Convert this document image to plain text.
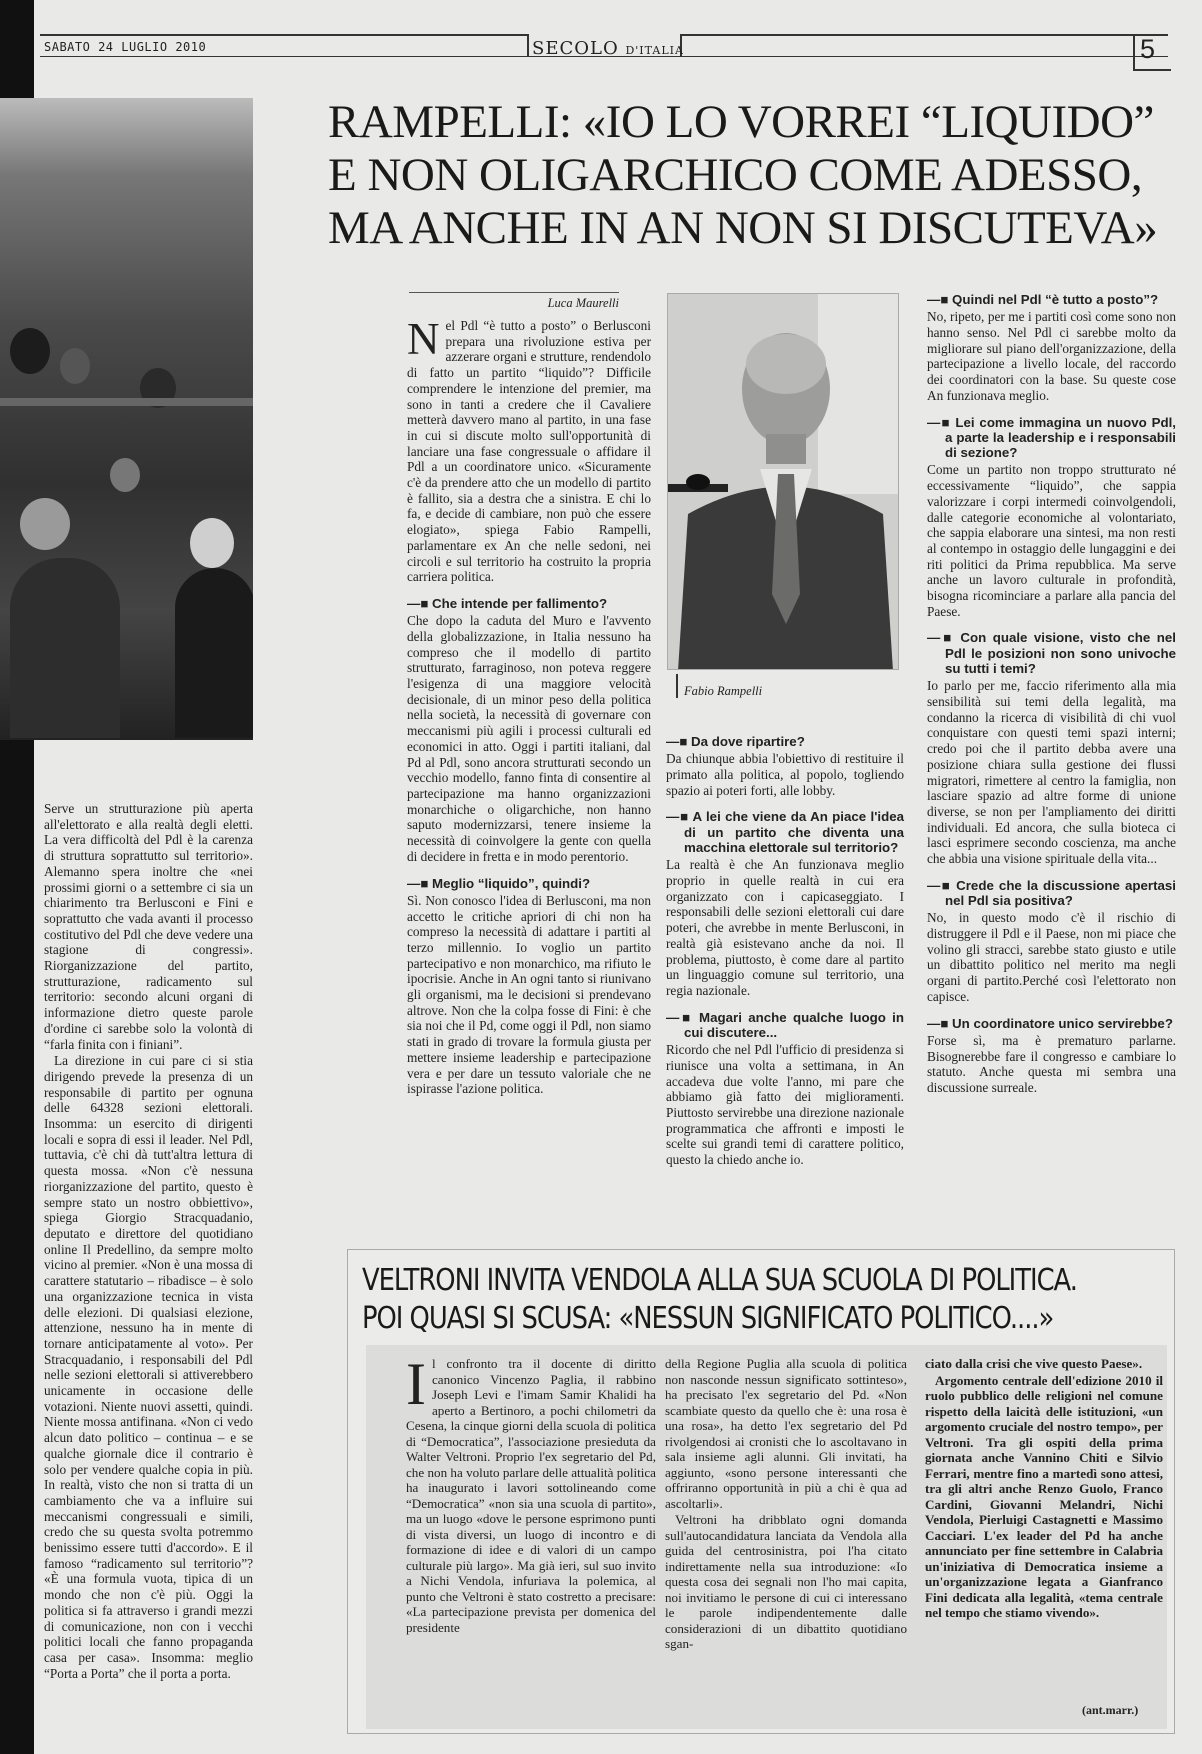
SABATO 24 LUGLIO 2010	SECOLO D'ITALIA	5
RAMPELLI: «IO LO VORREI “LIQUIDO” E NON OLIGARCHICO COME ADESSO, MA ANCHE IN AN NON SI DISCUTEVA»
Luca Maurelli

Serve un strutturazione più aperta all'elettorato e alla realtà degli eletti. La vera difficoltà del Pdl è la carenza di struttura soprattutto sul territorio». Alemanno spera inoltre che «nei prossimi giorni o a settembre ci sia un chiarimento tra Berlusconi e Fini e soprattutto che vada avanti il processo costitutivo del Pdl che deve vedere una stagione di congressi». Riorganizzazione del partito, strutturazione, radicamento sul territorio: secondo alcuni organi di informazione dietro queste parole d'ordine ci sarebbe solo la volontà di “farla finita con i finiani”.

La direzione in cui pare ci si stia dirigendo prevede la presenza di un responsabile di partito per ognuna delle 64328 sezioni elettorali. Insomma: un esercito di dirigenti locali e sopra di essi il leader. Nel Pdl, tuttavia, c'è chi dà tutt'altra lettura di questa mossa. «Non c'è nessuna riorganizzazione del partito, questo è sempre stato un nostro obbiettivo», spiega Giorgio Stracquadanio, deputato e direttore del quotidiano online Il Predellino, da sempre molto vicino al premier. «Non è una mossa di carattere statutario – ribadisce – è solo una organizzazione tecnica in vista delle elezioni. Di qualsiasi elezione, attenzione, nessuno ha in mente di tornare anticipatamente al voto». Per Stracquadanio, i responsabili del Pdl nelle sezioni elettorali si attiverebbero unicamente in occasione delle votazioni. Niente nuovi assetti, quindi. Niente mossa antifinana. «Non ci vedo alcun dato politico – continua – e se qualche giornale dice il contrario è solo per vendere qualche copia in più. In realtà, visto che non si tratta di un cambiamento che va a influire sui meccanismi congressuali e simili, credo che su questa svolta potremmo benissimo essere tutti d'accordo». E il famoso “radicamento sul territorio”? «È una formula vuota, tipica di un mondo che non c'è più. Oggi la politica si fa attraverso i grandi mezzi di comunicazione, non con i vecchi politici locali che fanno propaganda casa per casa». Insomma: meglio “Porta a Porta” che il porta a porta.

Nel Pdl “è tutto a posto” o Berlusconi prepara una rivoluzione estiva per azzerare organi e strutture, rendendolo di fatto un partito “liquido”? Difficile comprendere le intenzione del premier, ma sono in tanti a credere che il Cavaliere metterà davvero mano al partito, in una fase in cui si discute molto sull'opportunità di lanciare una fase congressuale o affidare il Pdl a un coordinatore unico. «Sicuramente c'è da prendere atto che un modello di partito è fallito, sia a destra che a sinistra. E chi lo fa, e decide di cambiare, non può che essere elogiato», spiega Fabio Rampelli, parlamentare ex An che nelle sedoni, nei circoli e sul territorio ha costruito la propria carriera politica.

—■ Che intende per fallimento?

Che dopo la caduta del Muro e l'avvento della globalizzazione, in Italia nessuno ha compreso che il modello di partito strutturato, farraginoso, non poteva reggere l'esigenza di una maggiore velocità decisionale, di un minor peso della politica nella società, la necessità di governare con meccanismi più agili i processi culturali ed economici in atto. Oggi i partiti italiani, dal Pd al Pdl, sono ancora strutturati secondo un vecchio modello, fanno finta di consentire al partecipazione ma hanno organizzazioni monarchiche o oligarchiche, non hanno saputo modernizzarsi, tenere insieme la necessità di coinvolgere la gente con quella di decidere in fretta e in modo perentorio.

—■ Meglio “liquido”, quindi?

Sì. Non conosco l'idea di Berlusconi, ma non accetto le critiche apriori di chi non ha compreso la necessità di adattare i partiti al terzo millennio. Io voglio un partito partecipativo e non monarchico, ma rifiuto le ipocrisie. Anche in An ogni tanto si riunivano gli organismi, ma le decisioni si prendevano altrove. Non che la colpa fosse di Fini: è che sia noi che il Pd, come oggi il Pdl, non siamo stati in grado di trovare la formula giusta per mettere insieme leadership e partecipazione vera e per dare un tessuto valoriale che ne ispirasse l'azione politica.

Fabio Rampelli
—■ Da dove ripartire?

Da chiunque abbia l'obiettivo di restituire il primato alla politica, al popolo, togliendo spazio ai poteri forti, alle lobby.

—■ A lei che viene da An piace l'idea di un partito che diventa una macchina elettorale sul territorio?

La realtà è che An funzionava meglio proprio in quelle realtà in cui era organizzato con i capicaseggiato. I responsabili delle sezioni elettorali cui dare poteri, che avrebbe in mente Berlusconi, in realtà già esistevano anche da noi. Il problema, piuttosto, è come dare al partito un linguaggio comune sul territorio, una regia nazionale.

—■ Magari anche qualche luogo in cui discutere...

Ricordo che nel Pdl l'ufficio di presidenza si riunisce una volta a settimana, in An accadeva due volte l'anno, mi pare che abbiamo già fatto dei miglioramenti. Piuttosto servirebbe una direzione nazionale programmatica che affronti e imposti le scelte sui grandi temi di carattere politico, questo la chiedo anche io.

—■ Quindi nel Pdl “è tutto a posto”?

No, ripeto, per me i partiti così come sono non hanno senso. Nel Pdl ci sarebbe molto da migliorare sul piano dell'organizzazione, della partecipazione a livello locale, del raccordo dei coordinatori con la base. Su queste cose An funzionava meglio.

—■ Lei come immagina un nuovo Pdl, a parte la leadership e i responsabili di sezione?

Come un partito non troppo strutturato né eccessivamente “liquido”, che sappia valorizzare i corpi intermedi coinvolgendoli, dalle categorie economiche al volontariato, che sappia elaborare una sintesi, ma non resti al contempo in ostaggio delle lungaggini e dei riti politici da Prima repubblica. Ma serve anche un lavoro culturale in profondità, bisogna ricominciare a parlare alla pancia del Paese.

—■ Con quale visione, visto che nel Pdl le posizioni non sono univoche su tutti i temi?

Io parlo per me, faccio riferimento alla mia sensibilità sui temi della legalità, ma condanno la ricerca di visibilità di chi vuol conquistare con questi temi spazi interni; credo poi che il partito debba avere una posizione chiara sulla gestione dei flussi migratori, rimettere al centro la famiglia, non lasciare spazio ad altre forme di unione diverse, se non per l'ampliamento dei diritti individuali. Ed ancora, che sulla bioteca ci lasci esprimere secondo coscienza, ma anche che abbia una visione spirituale della vita...

—■ Crede che la discussione apertasi nel Pdl sia positiva?

No, in questo modo c'è il rischio di distruggere il Pdl e il Paese, non mi piace che volino gli stracci, sarebbe stato giusto e utile un dibattito politico nel merito ma negli organi di partito.Perché così l'elettorato non capisce.

—■ Un coordinatore unico servirebbe?

Forse sì, ma è prematuro parlarne. Bisognerebbe fare il congresso e cambiare lo statuto. Anche questa mi sembra una discussione surreale.

VELTRONI INVITA VENDOLA ALLA SUA SCUOLA DI POLITICA.
POI QUASI SI SCUSA: «NESSUN SIGNIFICATO POLITICO....»

Il confronto tra il docente di diritto canonico Vincenzo Paglia, il rabbino Joseph Levi e l'imam Samir Khalidi ha aperto a Bertinoro, a pochi chilometri da Cesena, la cinque giorni della scuola di politica di “Democratica”, l'associazione presieduta da Walter Veltroni. Proprio l'ex segretario del Pd, che non ha voluto parlare delle attualità politica ha inaugurato i lavori sottolineando come “Democratica” «non sia una scuola di partito», ma un luogo «dove le persone esprimono punti di vista diversi, un luogo di incontro e di formazione di idee e di valori di un campo culturale più largo». Ma già ieri, sul suo invito a Nichi Vendola, infuriava la polemica, al punto che Veltroni è stato costretto a precisare: «La partecipazione prevista per domenica del presidente

della Regione Puglia alla scuola di politica non nasconde nessun significato sottinteso», ha precisato l'ex segretario del Pd. «Non scambiate questo da quello che è: una rosa è una rosa», ha detto l'ex segretario del Pd rivolgendosi ai cronisti che lo ascoltavano in sala insieme agli alunni. Gli invitati, ha aggiunto, «sono persone interessanti che offriranno opportunità in più a chi è qua ad ascoltarli».

Veltroni ha dribblato ogni domanda sull'autocandidatura lanciata da Vendola alla guida del centrosinistra, poi l'ha citato indirettamente nella sua introduzione: «Io questa cosa dei segnali non l'ho mai capita, noi invitiamo le persone di cui ci interessano le parole indipendentemente dalle considerazioni di un dibattito quotidiano sgan-

ciato dalla crisi che vive questo Paese».

Argomento centrale dell'edizione 2010 il ruolo pubblico delle religioni nel comune rispetto della laicità delle istituzioni, «un argomento cruciale del nostro tempo», per Veltroni. Tra gli ospiti della prima giornata anche Vannino Chiti e Silvio Ferrari, mentre fino a martedì sono attesi, tra gli altri anche Renzo Guolo, Franco Cardini, Giovanni Melandri, Nichi Vendola, Pierluigi Castagnetti e Massimo Cacciari. L'ex leader del Pd ha anche annunciato per fine settembre in Calabria un'iniziativa di Democratica insieme a un'organizzazione legata a Gianfranco Fini dedicata alla legalità, «tema centrale nel tempo che stiamo vivendo».

(ant.marr.)
